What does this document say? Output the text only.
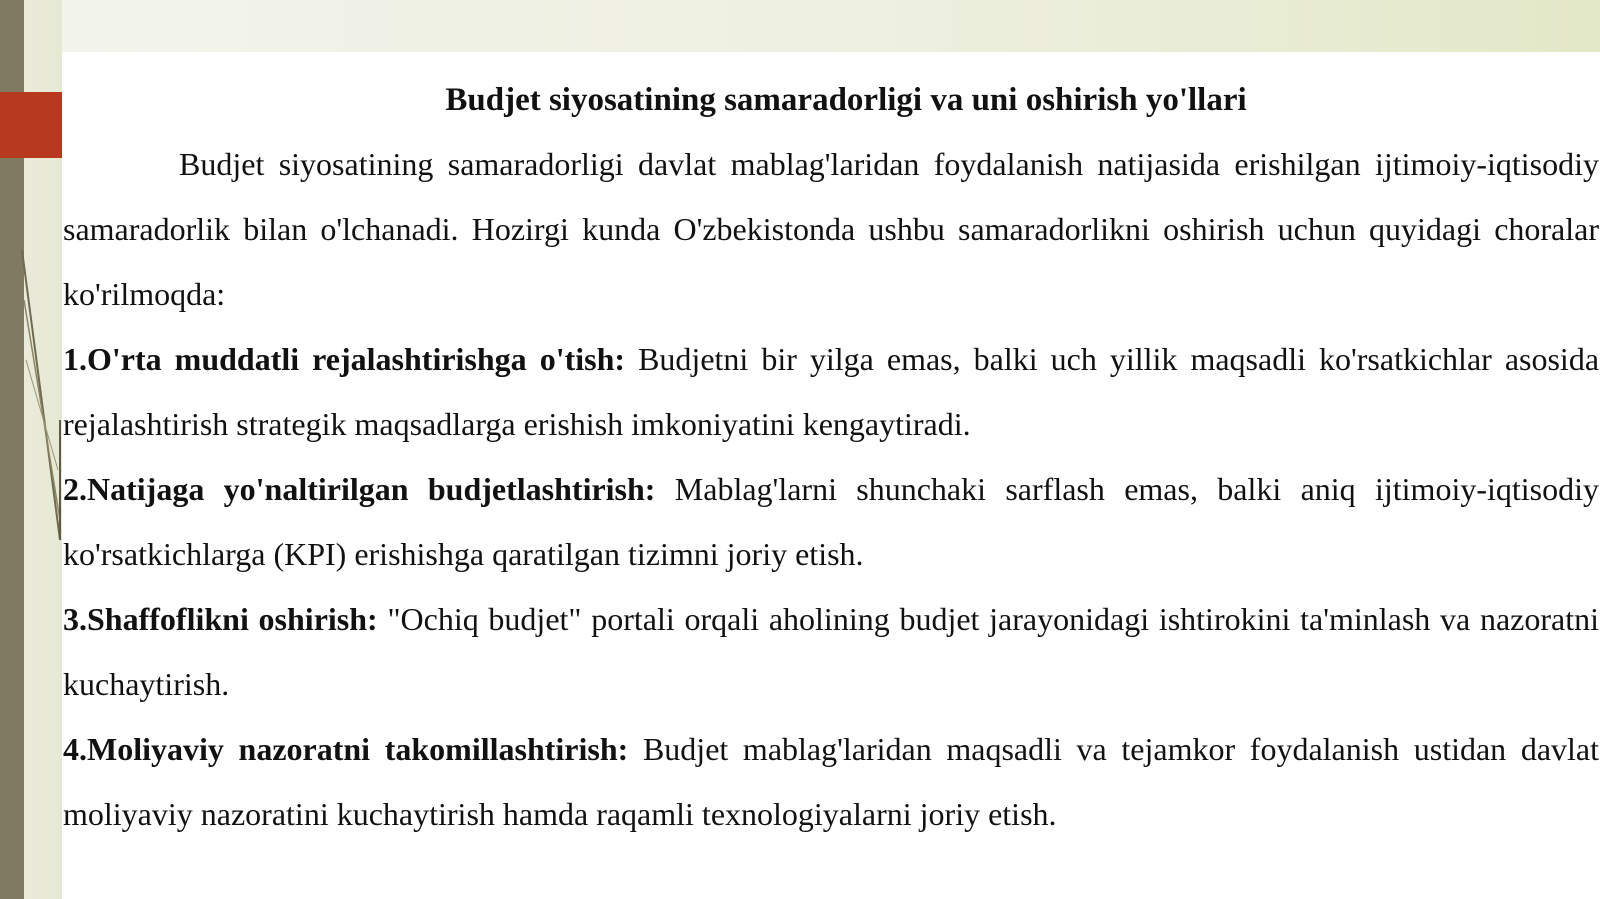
Budjet siyosatining samaradorligi va uni oshirish yo'llari

Budjet siyosatining samaradorligi davlat mablag'laridan foydalanish natijasida erishilgan ijtimoiy-iqtisodiy samaradorlik bilan o'lchanadi. Hozirgi kunda O'zbekistonda ushbu samaradorlikni oshirish uchun quyidagi choralar ko'rilmoqda:

1.O'rta muddatli rejalashtirishga o'tish: Budjetni bir yilga emas, balki uch yillik maqsadli ko'rsatkichlar asosida rejalashtirish strategik maqsadlarga erishish imkoniyatini kengaytiradi.

2.Natijaga yo'naltirilgan budjetlashtirish: Mablag'larni shunchaki sarflash emas, balki aniq ijtimoiy-iqtisodiy ko'rsatkichlarga (KPI) erishishga qaratilgan tizimni joriy etish.

3.Shaffoflikni oshirish: "Ochiq budjet" portali orqali aholining budjet jarayonidagi ishtirokini ta'minlash va nazoratni kuchaytirish.

4.Moliyaviy nazoratni takomillashtirish: Budjet mablag'laridan maqsadli va tejamkor foydalanish ustidan davlat moliyaviy nazoratini kuchaytirish hamda raqamli texnologiyalarni joriy etish.
